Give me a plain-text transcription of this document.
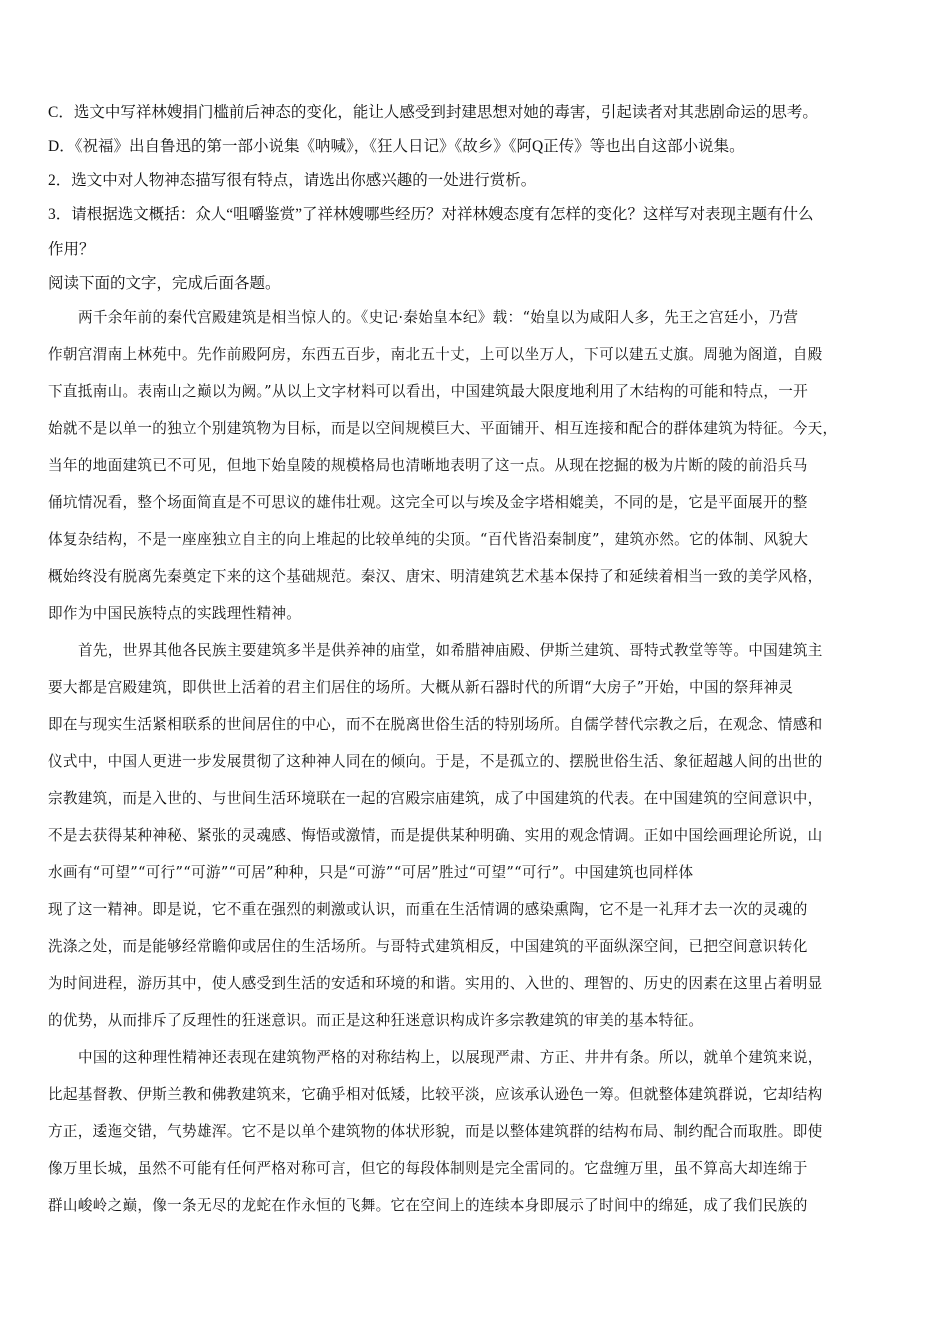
C．选文中写祥林嫂捐门槛前后神态的变化，能让人感受到封建思想对她的毒害，引起读者对其悲剧命运的思考。
D．《祝福》出自鲁迅的第一部小说集《呐喊》，《狂人日记》《故乡》《阿Q正传》等也出自这部小说集。
2．选文中对人物神态描写很有特点，请选出你感兴趣的一处进行赏析。
3．请根据选文概括：众人“咀嚼鉴赏”了祥林嫂哪些经历？对祥林嫂态度有怎样的变化？这样写对表现主题有什么
作用？
阅读下面的文字，完成后面各题。
两千余年前的秦代宫殿建筑是相当惊人的。《史记·秦始皇本纪》载：“始皇以为咸阳人多，先王之宫廷小，乃营
作朝宫渭南上林苑中。先作前殿阿房，东西五百步，南北五十丈，上可以坐万人，下可以建五丈旗。周驰为阁道，自殿
下直抵南山。表南山之巅以为阙。”从以上文字材料可以看出，中国建筑最大限度地利用了木结构的可能和特点，一开
始就不是以单一的独立个别建筑物为目标，而是以空间规模巨大、平面铺开、相互连接和配合的群体建筑为特征。今天，
当年的地面建筑已不可见，但地下始皇陵的规模格局也清晰地表明了这一点。从现在挖掘的极为片断的陵的前沿兵马
俑坑情况看，整个场面简直是不可思议的雄伟壮观。这完全可以与埃及金字塔相媲美，不同的是，它是平面展开的整
体复杂结构，不是一座座独立自主的向上堆起的比较单纯的尖顶。“百代皆沿秦制度”，建筑亦然。它的体制、风貌大
概始终没有脱离先秦奠定下来的这个基础规范。秦汉、唐宋、明清建筑艺术基本保持了和延续着相当一致的美学风格，
即作为中国民族特点的实践理性精神。
首先，世界其他各民族主要建筑多半是供养神的庙堂，如希腊神庙殿、伊斯兰建筑、哥特式教堂等等。中国建筑主
要大都是宫殿建筑，即供世上活着的君主们居住的场所。大概从新石器时代的所谓“大房子”开始，中国的祭拜神灵
即在与现实生活紧相联系的世间居住的中心，而不在脱离世俗生活的特别场所。自儒学替代宗教之后，在观念、情感和
仪式中，中国人更进一步发展贯彻了这种神人同在的倾向。于是，不是孤立的、摆脱世俗生活、象征超越人间的出世的
宗教建筑，而是入世的、与世间生活环境联在一起的宫殿宗庙建筑，成了中国建筑的代表。在中国建筑的空间意识中，
不是去获得某种神秘、紧张的灵魂感、悔悟或激情，而是提供某种明确、实用的观念情调。正如中国绘画理论所说，山
水画有“可望”“可行”“可游”“可居”种种，只是“可游”“可居”胜过“可望”“可行”。中国建筑也同样体
现了这一精神。即是说，它不重在强烈的刺激或认识，而重在生活情调的感染熏陶，它不是一礼拜才去一次的灵魂的
洗涤之处，而是能够经常瞻仰或居住的生活场所。与哥特式建筑相反，中国建筑的平面纵深空间，已把空间意识转化
为时间进程，游历其中，使人感受到生活的安适和环境的和谐。实用的、入世的、理智的、历史的因素在这里占着明显
的优势，从而排斥了反理性的狂迷意识。而正是这种狂迷意识构成许多宗教建筑的审美的基本特征。
中国的这种理性精神还表现在建筑物严格的对称结构上，以展现严肃、方正、井井有条。所以，就单个建筑来说，
比起基督教、伊斯兰教和佛教建筑来，它确乎相对低矮，比较平淡，应该承认逊色一筹。但就整体建筑群说，它却结构
方正，逶迤交错，气势雄浑。它不是以单个建筑物的体状形貌，而是以整体建筑群的结构布局、制约配合而取胜。即使
像万里长城，虽然不可能有任何严格对称可言，但它的每段体制则是完全雷同的。它盘缠万里，虽不算高大却连绵于
群山峻岭之巅，像一条无尽的龙蛇在作永恒的飞舞。它在空间上的连续本身即展示了时间中的绵延，成了我们民族的
